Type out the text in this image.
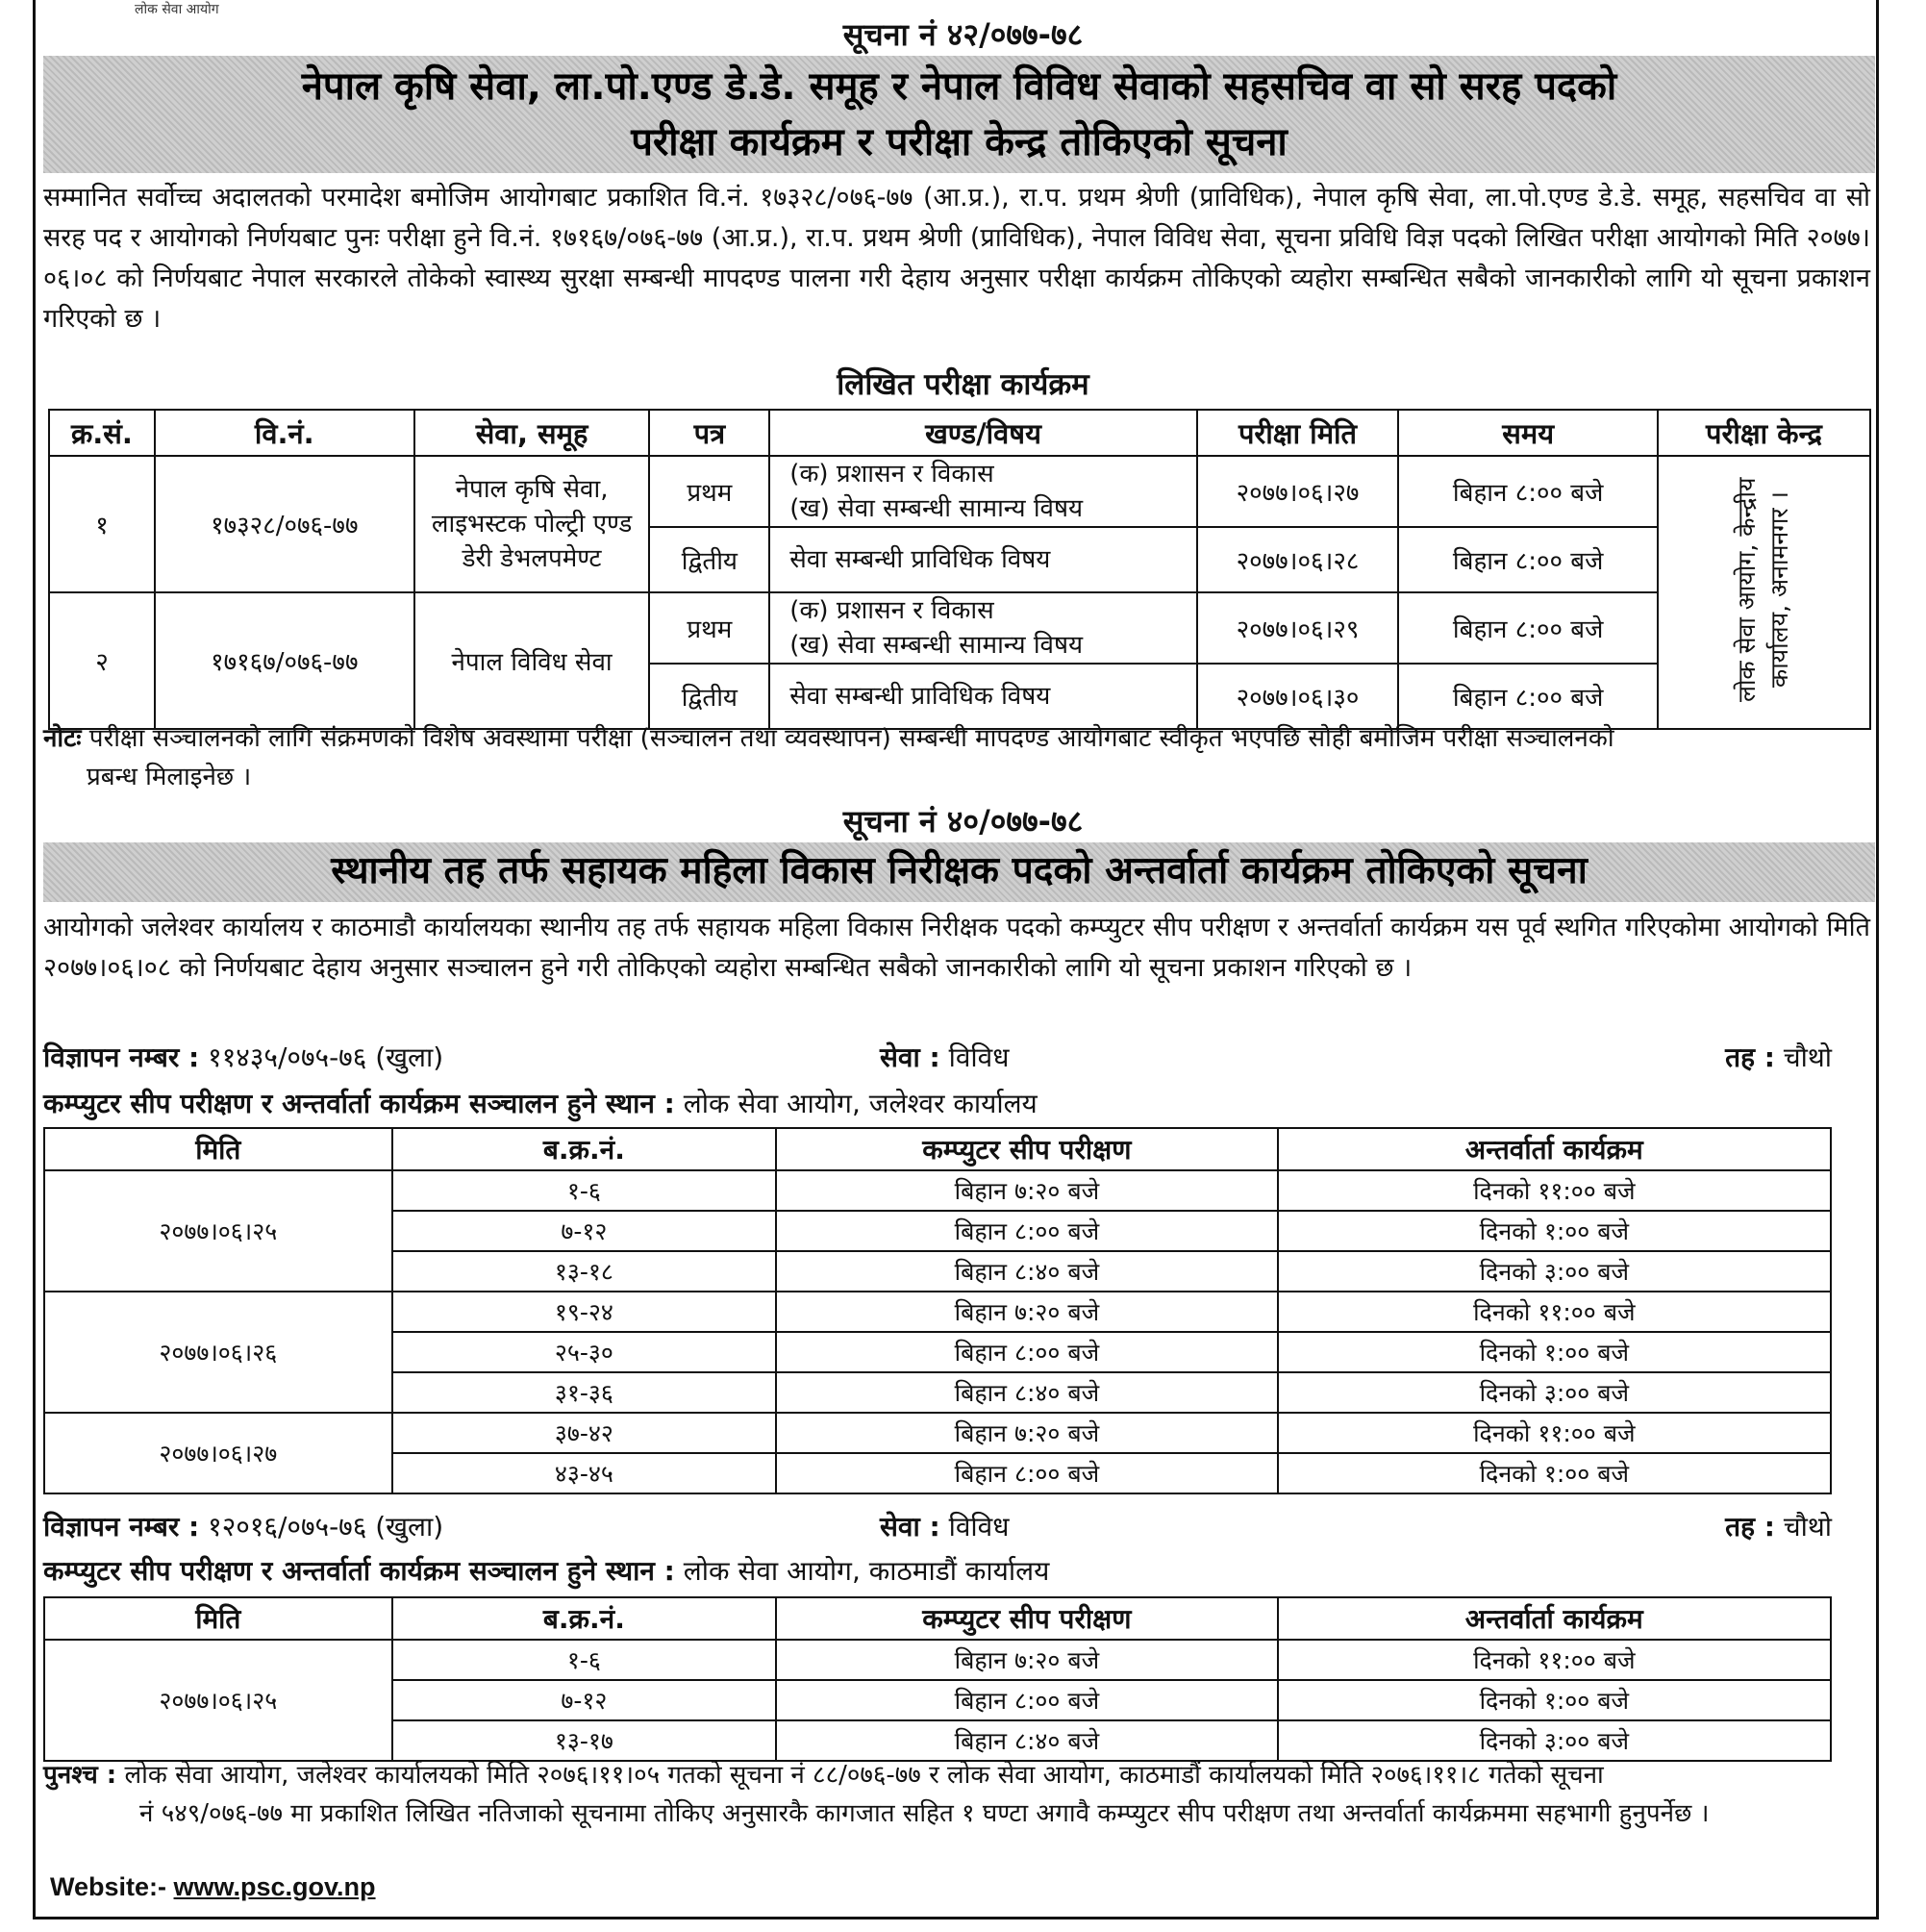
लोक सेवा आयोग
सूचना नं ४२/०७७-७८
नेपाल कृषि सेवा, ला.पो.एण्ड डे.डे. समूह र नेपाल विविध सेवाको सहसचिव वा सो सरह पदको
परीक्षा कार्यक्रम र परीक्षा केन्द्र तोकिएको सूचना
सम्मानित सर्वोच्च अदालतको परमादेश बमोजिम आयोगबाट प्रकाशित वि.नं. १७३२८/०७६-७७ (आ.प्र.), रा.प. प्रथम श्रेणी (प्राविधिक), नेपाल कृषि सेवा, ला.पो.एण्ड डे.डे. समूह, सहसचिव वा सो सरह पद र आयोगको निर्णयबाट पुनः परीक्षा हुने वि.नं. १७१६७/०७६-७७ (आ.प्र.), रा.प. प्रथम श्रेणी (प्राविधिक), नेपाल विविध सेवा, सूचना प्रविधि विज्ञ पदको लिखित परीक्षा आयोगको मिति २०७७।०६।०८ को निर्णयबाट नेपाल सरकारले तोकेको स्वास्थ्य सुरक्षा सम्बन्धी मापदण्ड पालना गरी देहाय अनुसार परीक्षा कार्यक्रम तोकिएको व्यहोरा सम्बन्धित सबैको जानकारीको लागि यो सूचना प्रकाशन गरिएको छ ।
लिखित परीक्षा कार्यक्रम
क्र.सं.	वि.नं.	सेवा, समूह	पत्र	खण्ड/विषय	परीक्षा मिति	समय	परीक्षा केन्द्र
१	१७३२८/०७६-७७	नेपाल कृषि सेवा, लाइभस्टक पोल्ट्री एण्ड डेरी डेभलपमेण्ट	प्रथम	(क) प्रशासन र विकास
(ख) सेवा सम्बन्धी सामान्य विषय	२०७७।०६।२७	बिहान ८:०० बजे	लोक सेवा आयोग, केन्द्रीय कार्यालय, अनामनगर ।
			द्वितीय	सेवा सम्बन्धी प्राविधिक विषय	२०७७।०६।२८	बिहान ८:०० बजे	
२	१७१६७/०७६-७७	नेपाल विविध सेवा	प्रथम	(क) प्रशासन र विकास
(ख) सेवा सम्बन्धी सामान्य विषय	२०७७।०६।२९	बिहान ८:०० बजे	
			द्वितीय	सेवा सम्बन्धी प्राविधिक विषय	२०७७।०६।३०	बिहान ८:०० बजे	
नोटः परीक्षा सञ्चालनको लागि संक्रमणको विशेष अवस्थामा परीक्षा (सञ्चालन तथा व्यवस्थापन) सम्बन्धी मापदण्ड आयोगबाट स्वीकृत भएपछि सोही बमोजिम परीक्षा सञ्चालनको
प्रबन्ध मिलाइनेछ ।
सूचना नं ४०/०७७-७८
स्थानीय तह तर्फ सहायक महिला विकास निरीक्षक पदको अन्तर्वार्ता कार्यक्रम तोकिएको सूचना
आयोगको जलेश्वर कार्यालय र काठमाडौ कार्यालयका स्थानीय तह तर्फ सहायक महिला विकास निरीक्षक पदको कम्प्युटर सीप परीक्षण र अन्तर्वार्ता कार्यक्रम यस पूर्व स्थगित गरिएकोमा आयोगको मिति २०७७।०६।०८ को निर्णयबाट देहाय अनुसार सञ्चालन हुने गरी तोकिएको व्यहोरा सम्बन्धित सबैको जानकारीको लागि यो सूचना प्रकाशन गरिएको छ ।
विज्ञापन नम्बर : ११४३५/०७५-७६ (खुला)	सेवा : विविध	तह : चौथो
कम्प्युटर सीप परीक्षण र अन्तर्वार्ता कार्यक्रम सञ्चालन हुने स्थान : लोक सेवा आयोग, जलेश्वर कार्यालय
मिति	ब.क्र.नं.	कम्प्युटर सीप परीक्षण	अन्तर्वार्ता कार्यक्रम
२०७७।०६।२५	१-६	बिहान ७:२० बजे	दिनको ११:०० बजे
	७-१२	बिहान ८:०० बजे	दिनको १:०० बजे
	१३-१८	बिहान ८:४० बजे	दिनको ३:०० बजे
२०७७।०६।२६	१९-२४	बिहान ७:२० बजे	दिनको ११:०० बजे
	२५-३०	बिहान ८:०० बजे	दिनको १:०० बजे
	३१-३६	बिहान ८:४० बजे	दिनको ३:०० बजे
२०७७।०६।२७	३७-४२	बिहान ७:२० बजे	दिनको ११:०० बजे
	४३-४५	बिहान ८:०० बजे	दिनको १:०० बजे
विज्ञापन नम्बर : १२०१६/०७५-७६ (खुला)	सेवा : विविध	तह : चौथो
कम्प्युटर सीप परीक्षण र अन्तर्वार्ता कार्यक्रम सञ्चालन हुने स्थान : लोक सेवा आयोग, काठमाडौं कार्यालय
मिति	ब.क्र.नं.	कम्प्युटर सीप परीक्षण	अन्तर्वार्ता कार्यक्रम
२०७७।०६।२५	१-६	बिहान ७:२० बजे	दिनको ११:०० बजे
	७-१२	बिहान ८:०० बजे	दिनको १:०० बजे
	१३-१७	बिहान ८:४० बजे	दिनको ३:०० बजे
पुनश्च : लोक सेवा आयोग, जलेश्वर कार्यालयको मिति २०७६।११।०५ गतको सूचना नं ८८/०७६-७७ र लोक सेवा आयोग, काठमाडौं कार्यालयको मिति २०७६।११।८ गतेको सूचना
नं ५४९/०७६-७७ मा प्रकाशित लिखित नतिजाको सूचनामा तोकिए अनुसारकै कागजात सहित १ घण्टा अगावै कम्प्युटर सीप परीक्षण तथा अन्तर्वार्ता कार्यक्रममा सहभागी हुनुपर्नेछ ।
Website:- www.psc.gov.np
